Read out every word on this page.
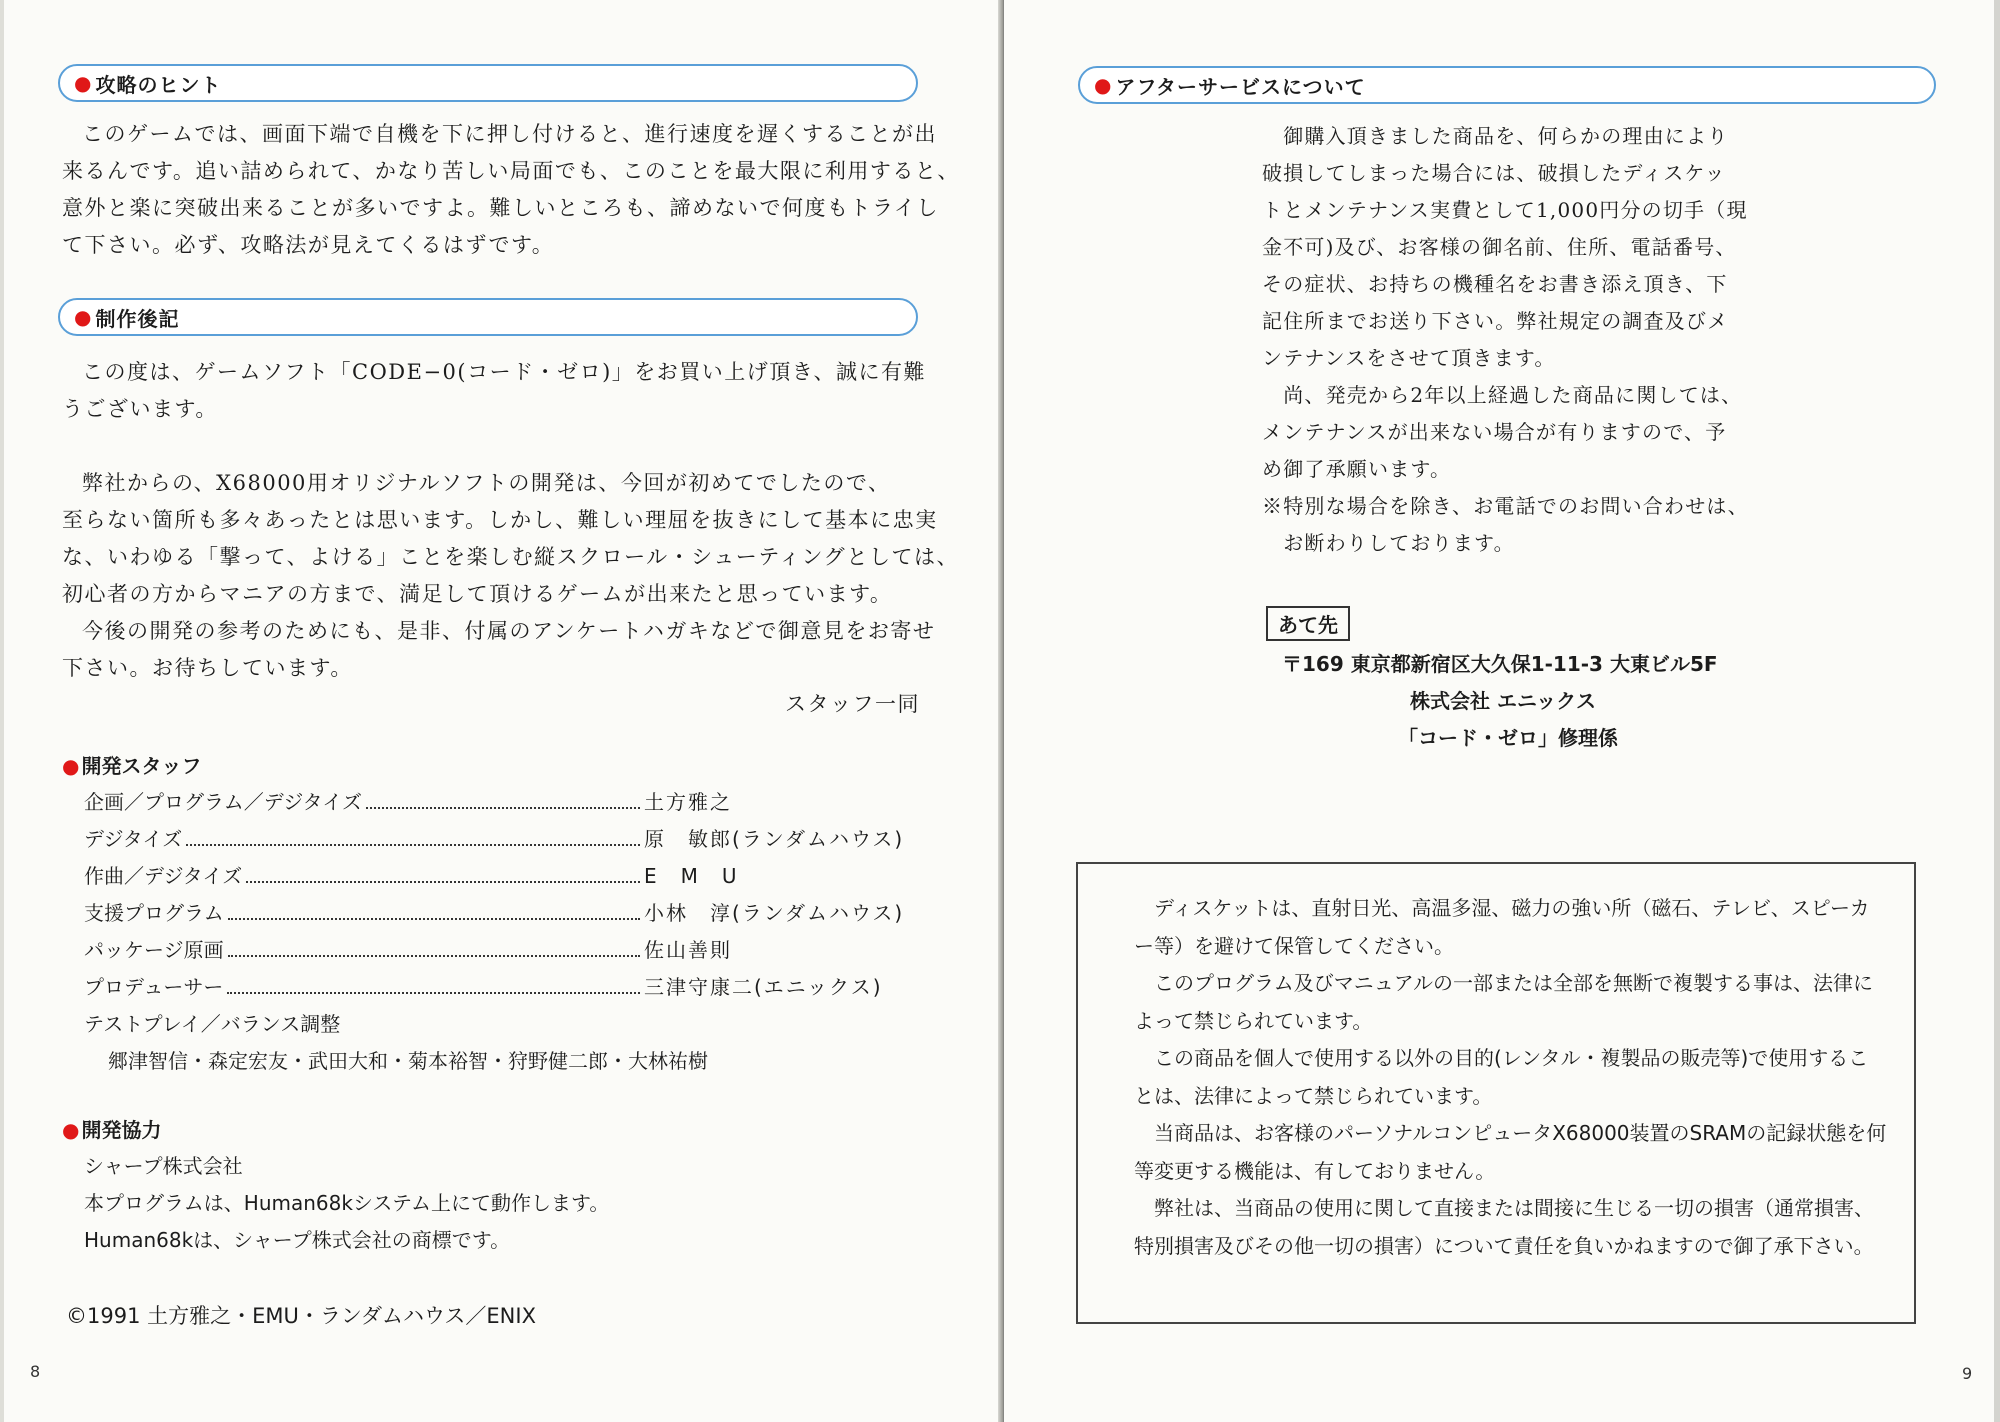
● 攻略のヒント

このゲームでは、画面下端で自機を下に押し付けると、進行速度を遅くすることが出

来るんです。追い詰められて、かなり苦しい局面でも、このことを最大限に利用すると、

意外と楽に突破出来ることが多いですよ。難しいところも、諦めないで何度もトライし

て下さい。必ず、攻略法が見えてくるはずです。

● 制作後記

この度は、ゲームソフト「CODE−0(コード・ゼロ)」をお買い上げ頂き、誠に有難

うございます。

弊社からの、X68000用オリジナルソフトの開発は、今回が初めてでしたので、

至らない箇所も多々あったとは思います。しかし、難しい理屈を抜きにして基本に忠実

な、いわゆる「撃って、よける」ことを楽しむ縦スクロール・シューティングとしては、

初心者の方からマニアの方まで、満足して頂けるゲームが出来たと思っています。

今後の開発の参考のためにも、是非、付属のアンケートハガキなどで御意見をお寄せ

下さい。お待ちしています。

スタッフ一同
● 開発スタッフ
企画／プログラム／デジタイズ	土方雅之
デジタイズ	原　敏郎(ランダムハウス)
作曲／デジタイズ	E　M　U
支援プログラム	小林　淳(ランダムハウス)
パッケージ原画	佐山善則
プロデューサー	三津守康二(エニックス)
テストプレイ／バランス調整
郷津智信・森定宏友・武田大和・菊本裕智・狩野健二郎・大林祐樹
● 開発協力
シャープ株式会社
本プログラムは、Human68kシステム上にて動作します。
Human68kは、シャープ株式会社の商標です。
©1991 土方雅之・EMU・ランダムハウス／ENIX
8
● アフターサービスについて

　御購入頂きました商品を、何らかの理由により

破損してしまった場合には、破損したディスケッ

トとメンテナンス実費として1,000円分の切手（現

金不可)及び、お客様の御名前、住所、電話番号、

その症状、お持ちの機種名をお書き添え頂き、下

記住所までお送り下さい。弊社規定の調査及びメ

ンテナンスをさせて頂きます。

　尚、発売から2年以上経過した商品に関しては、

メンテナンスが出来ない場合が有りますので、予

め御了承願います。

※特別な場合を除き、お電話でのお問い合わせは、

　お断わりしております。

あて先
〒169 東京都新宿区大久保1-11-3 大東ビル5F
株式会社 エニックス
「コード・ゼロ」修理係

ディスケットは、直射日光、高温多湿、磁力の強い所（磁石、テレビ、スピーカー等）を避けて保管してください。

このプログラム及びマニュアルの一部または全部を無断で複製する事は、法律によって禁じられています。

この商品を個人で使用する以外の目的(レンタル・複製品の販売等)で使用することは、法律によって禁じられています。

当商品は、お客様のパーソナルコンピュータX68000装置のSRAMの記録状態を何等変更する機能は、有しておりません。

弊社は、当商品の使用に関して直接または間接に生じる一切の損害（通常損害、特別損害及びその他一切の損害）について責任を負いかねますので御了承下さい。

9
